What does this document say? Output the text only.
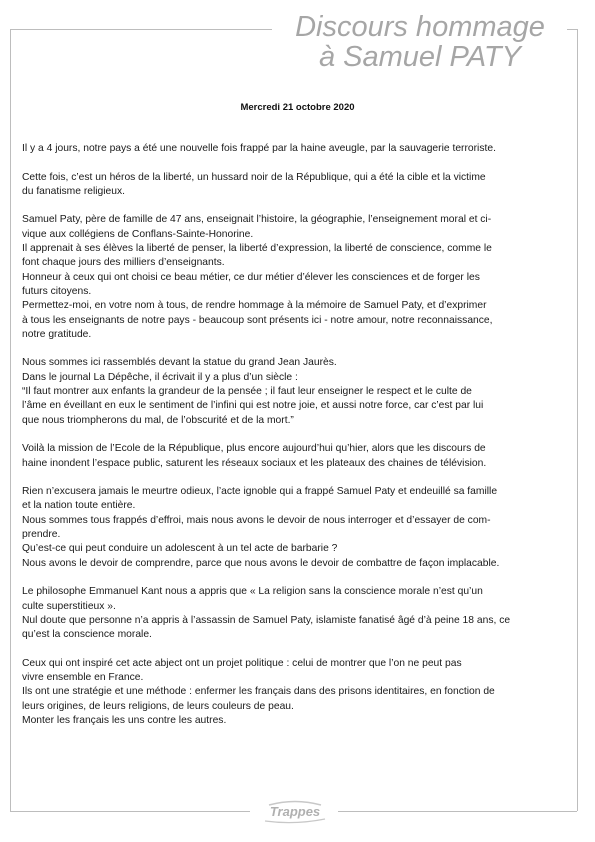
Discours hommage
à Samuel PATY
Mercredi 21 octobre 2020

Il y a 4 jours, notre pays a été une nouvelle fois frappé par la haine aveugle, par la sauvagerie terroriste.

Cette fois, c’est un héros de la liberté, un hussard noir de la République, qui a été la cible et la victime
du fanatisme religieux.

Samuel Paty, père de famille de 47 ans, enseignait l’histoire, la géographie, l’enseignement moral et ci-
vique aux collégiens de Conflans-Sainte-Honorine.
Il apprenait à ses élèves la liberté de penser, la liberté d’expression, la liberté de conscience, comme le
font chaque jours des milliers d’enseignants.
Honneur à ceux qui ont choisi ce beau métier, ce dur métier d’élever les consciences et de forger les
futurs citoyens.
Permettez-moi, en votre nom à tous, de rendre hommage à la mémoire de Samuel Paty, et d’exprimer
à tous les enseignants de notre pays - beaucoup sont présents ici - notre amour, notre reconnaissance,
notre gratitude.

Nous sommes ici rassemblés devant la statue du grand Jean Jaurès.
Dans le journal La Dépêche, il écrivait il y a plus d’un siècle :
“Il faut montrer aux enfants la grandeur de la pensée ; il faut leur enseigner le respect et le culte de
l’âme en éveillant en eux le sentiment de l’infini qui est notre joie, et aussi notre force, car c’est par lui
que nous triompherons du mal, de l’obscurité et de la mort.”

Voilà la mission de l’Ecole de la République, plus encore aujourd’hui qu’hier, alors que les discours de
haine inondent l’espace public, saturent les réseaux sociaux et les plateaux des chaines de télévision.

Rien n’excusera jamais le meurtre odieux, l’acte ignoble qui a frappé Samuel Paty et endeuillé sa famille
et la nation toute entière.
Nous sommes tous frappés d’effroi, mais nous avons le devoir de nous interroger et d’essayer de com-
prendre.
Qu’est-ce qui peut conduire un adolescent à un tel acte de barbarie ?
Nous avons le devoir de comprendre, parce que nous avons le devoir de combattre de façon implacable.

Le philosophe Emmanuel Kant nous a appris que « La religion sans la conscience morale n’est qu’un
culte superstitieux ».
Nul doute que personne n’a appris à l’assassin de Samuel Paty, islamiste fanatisé âgé d’à peine 18 ans, ce
qu’est la conscience morale.

Ceux qui ont inspiré cet acte abject ont un projet politique : celui de montrer que l’on ne peut pas
vivre ensemble en France.
Ils ont une stratégie et une méthode : enfermer les français dans des prisons identitaires, en fonction de
leurs origines, de leurs religions, de leurs couleurs de peau.
Monter les français les uns contre les autres.

Trappes
